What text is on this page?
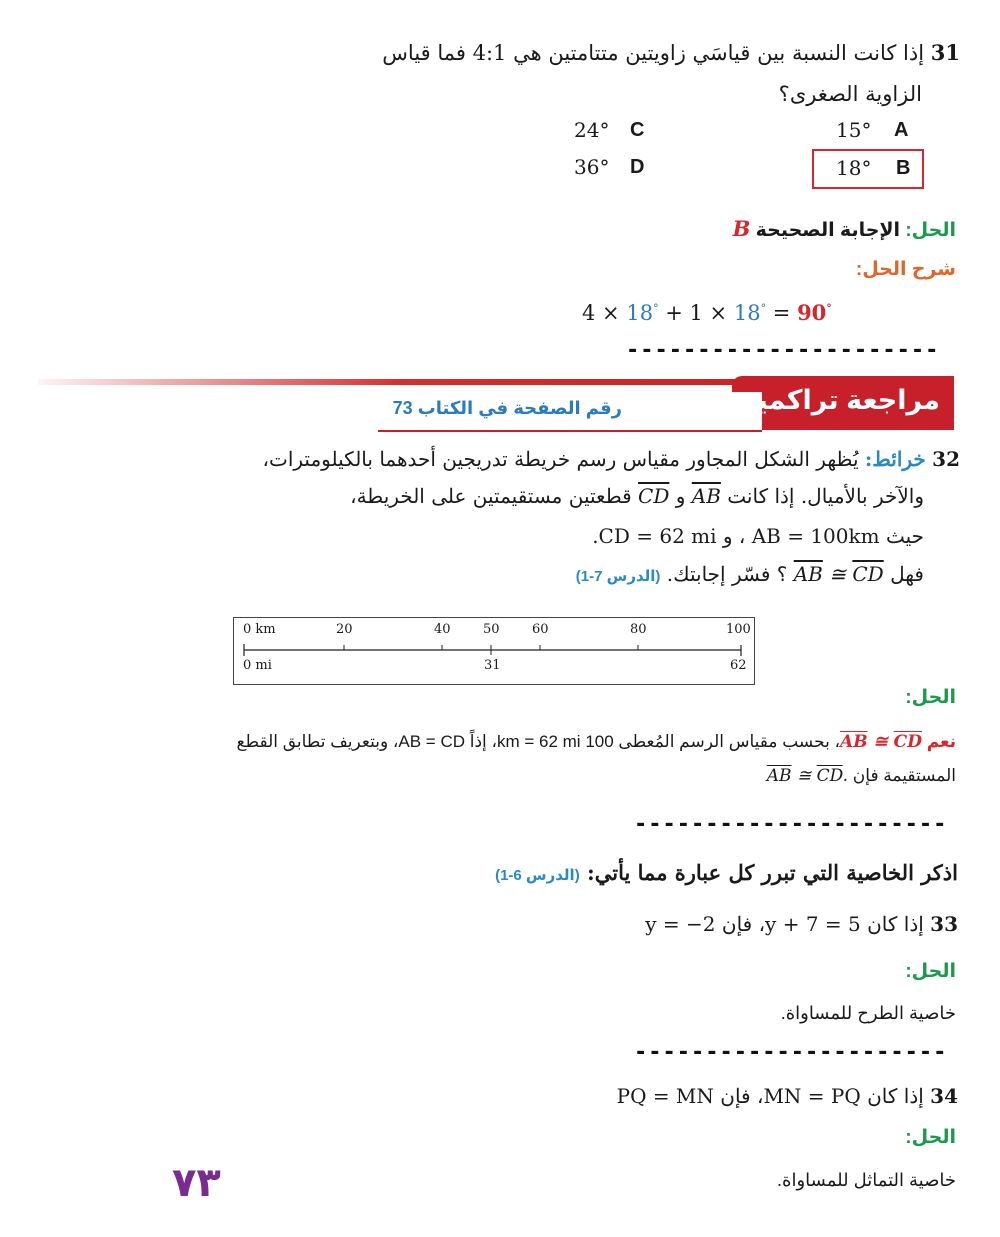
31 إذا كانت النسبة بين قياسَي زاويتين متتامتين هي 4:1 فما قياس
الزاوية الصغرى؟
15° A
18° B
24° C
36° D
الحل: الإجابة الصحيحة B
شرح الحل:
4 × 18° + 1 × 18° = 90°
----------------------
مراجعة تراكمية
رقم الصفحة في الكتاب 73
32 خرائط: يُظهر الشكل المجاور مقياس رسم خريطة تدريجين أحدهما بالكيلومترات،
والآخر بالأميال. إذا كانت $\overline{AB}$ و $\overline{CD}$ قطعتين مستقيمتين على الخريطة،
حيث AB = 100km ، و CD = 62 mi.
فهل $\overline{AB}$ ≅ $\overline{CD}$ ؟ فسّر إجابتك. (الدرس 7-1)
0 km	20	40 50 60	80	100
0 mi	31	62
الحل:
نعم $\overline{AB}$ ≅ $\overline{CD}،$ بحسب مقياس الرسم المُعطى 100 km = 62 mi، إذاً AB = CD، وبتعريف تطابق القطع
المستقيمة فإن $\overline{AB}$ ≅ $\overline{CD}$.
----------------------
اذكر الخاصية التي تبرر كل عبارة مما يأتي: (الدرس 6-1)
33 إذا كان y + 7 = 5، فإن y = −2
الحل:
خاصية الطرح للمساواة.
----------------------
34 إذا كان MN = PQ، فإن PQ = MN
الحل:
خاصية التماثل للمساواة.
٧٣
